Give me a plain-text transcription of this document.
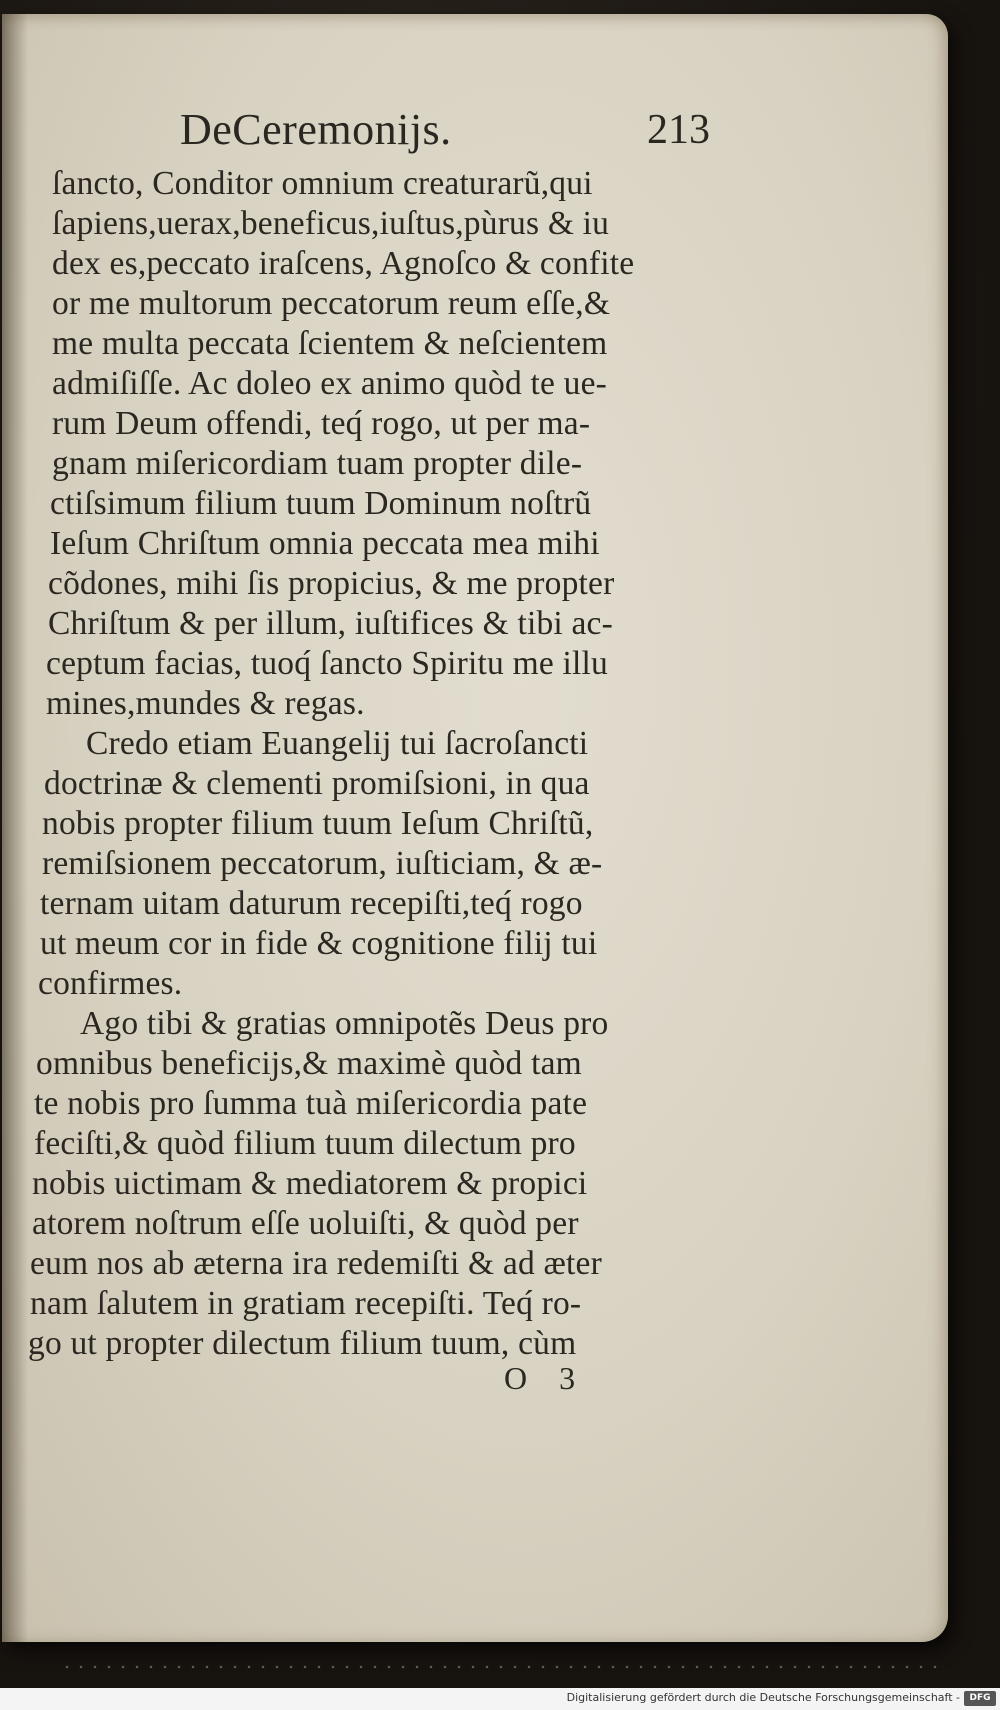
DeCeremonijs.	213
ſancto, Conditor omnium creaturarũ,qui
ſapiens,uerax,beneficus,iuſtus,pùrus & iu
dex es,peccato iraſcens, Agnoſco & confite
or me multorum peccatorum reum eſſe,&
me multa peccata ſcientem & neſcientem
admiſiſſe. Ac doleo ex animo quòd te ue-
rum Deum offendi, teq́ rogo, ut per ma-
gnam miſericordiam tuam propter dile-
ctiſsimum filium tuum Dominum noſtrũ
Ieſum Chriſtum omnia peccata mea mihi
cõdones, mihi ſis propicius, & me propter
Chriſtum & per illum, iuſtifices & tibi ac-
ceptum facias, tuoq́ ſancto Spiritu me illu
mines,mundes & regas.
Credo etiam Euangelij tui ſacroſancti
doctrinæ & clementi promiſsioni, in qua
nobis propter filium tuum Ieſum Chriſtũ,
remiſsionem peccatorum, iuſticiam, & æ-
ternam uitam daturum recepiſti,teq́ rogo
ut meum cor in fide & cognitione filij tui
confirmes.
Ago tibi & gratias omnipotẽs Deus pro
omnibus beneficijs,& maximè quòd tam
te nobis pro ſumma tuà miſericordia pate
feciſti,& quòd filium tuum dilectum pro
nobis uictimam & mediatorem & propici
atorem noſtrum eſſe uoluiſti, & quòd per
eum nos ab æterna ira redemiſti & ad æter
nam ſalutem in gratiam recepiſti. Teq́ ro-
go ut propter dilectum filium tuum, cùm
O 3
Digitalisierung gefördert durch die Deutsche Forschungsgemeinschaft -	DFG
